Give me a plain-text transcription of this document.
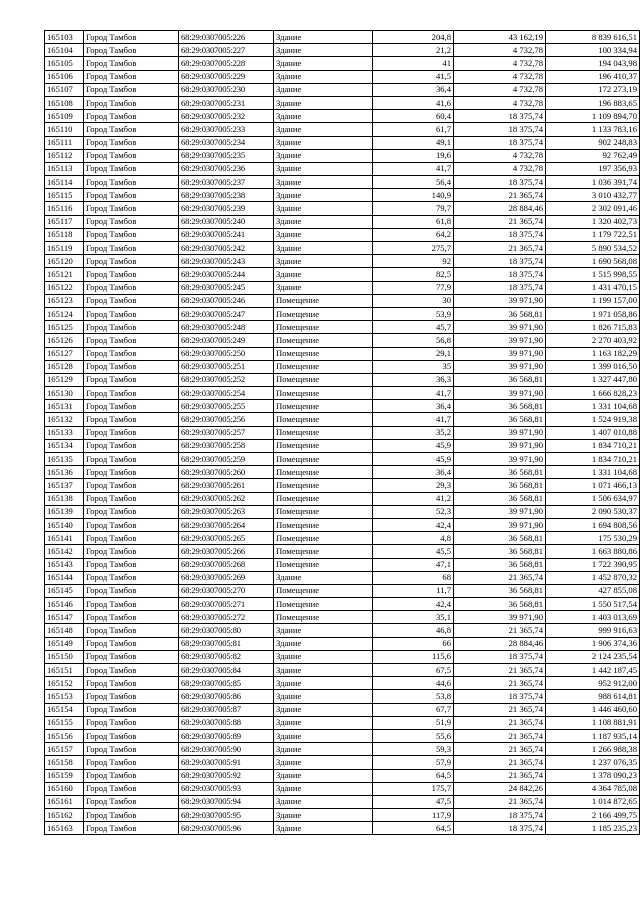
165103	Город Тамбов	68:29:0307005:226	Здание	204,8	43 162,19	8 839 616,51
165104	Город Тамбов	68:29:0307005:227	Здание	21,2	4 732,78	100 334,94
165105	Город Тамбов	68:29:0307005:228	Здание	41	4 732,78	194 043,98
165106	Город Тамбов	68:29:0307005:229	Здание	41,5	4 732,78	196 410,37
165107	Город Тамбов	68:29:0307005:230	Здание	36,4	4 732,78	172 273,19
165108	Город Тамбов	68:29:0307005:231	Здание	41,6	4 732,78	196 883,65
165109	Город Тамбов	68:29:0307005:232	Здание	60,4	18 375,74	1 109 894,70
165110	Город Тамбов	68:29:0307005:233	Здание	61,7	18 375,74	1 133 783,16
165111	Город Тамбов	68:29:0307005:234	Здание	49,1	18 375,74	902 248,83
165112	Город Тамбов	68:29:0307005:235	Здание	19,6	4 732,78	92 762,49
165113	Город Тамбов	68:29:0307005:236	Здание	41,7	4 732,78	197 356,93
165114	Город Тамбов	68:29:0307005:237	Здание	56,4	18 375,74	1 036 391,74
165115	Город Тамбов	68:29:0307005:238	Здание	140,9	21 365,74	3 010 432,77
165116	Город Тамбов	68:29:0307005:239	Здание	79,7	28 884,46	2 302 091,46
165117	Город Тамбов	68:29:0307005:240	Здание	61,8	21 365,74	1 320 402,73
165118	Город Тамбов	68:29:0307005:241	Здание	64,2	18 375,74	1 179 722,51
165119	Город Тамбов	68:29:0307005:242	Здание	275,7	21 365,74	5 890 534,52
165120	Город Тамбов	68:29:0307005:243	Здание	92	18 375,74	1 690 568,08
165121	Город Тамбов	68:29:0307005:244	Здание	82,5	18 375,74	1 515 998,55
165122	Город Тамбов	68:29:0307005:245	Здание	77,9	18 375,74	1 431 470,15
165123	Город Тамбов	68:29:0307005:246	Помещение	30	39 971,90	1 199 157,00
165124	Город Тамбов	68:29:0307005:247	Помещение	53,9	36 568,81	1 971 058,86
165125	Город Тамбов	68:29:0307005:248	Помещение	45,7	39 971,90	1 826 715,83
165126	Город Тамбов	68:29:0307005:249	Помещение	56,8	39 971,90	2 270 403,92
165127	Город Тамбов	68:29:0307005:250	Помещение	29,1	39 971,90	1 163 182,29
165128	Город Тамбов	68:29:0307005:251	Помещение	35	39 971,90	1 399 016,50
165129	Город Тамбов	68:29:0307005:252	Помещение	36,3	36 568,81	1 327 447,80
165130	Город Тамбов	68:29:0307005:254	Помещение	41,7	39 971,90	1 666 828,23
165131	Город Тамбов	68:29:0307005:255	Помещение	36,4	36 568,81	1 331 104,68
165132	Город Тамбов	68:29:0307005:256	Помещение	41,7	36 568,81	1 524 919,38
165133	Город Тамбов	68:29:0307005:257	Помещение	35,2	39 971,90	1 407 010,88
165134	Город Тамбов	68:29:0307005:258	Помещение	45,9	39 971,90	1 834 710,21
165135	Город Тамбов	68:29:0307005:259	Помещение	45,9	39 971,90	1 834 710,21
165136	Город Тамбов	68:29:0307005:260	Помещение	36,4	36 568,81	1 331 104,68
165137	Город Тамбов	68:29:0307005:261	Помещение	29,3	36 568,81	1 071 466,13
165138	Город Тамбов	68:29:0307005:262	Помещение	41,2	36 568,81	1 506 634,97
165139	Город Тамбов	68:29:0307005:263	Помещение	52,3	39 971,90	2 090 530,37
165140	Город Тамбов	68:29:0307005:264	Помещение	42,4	39 971,90	1 694 808,56
165141	Город Тамбов	68:29:0307005:265	Помещение	4,8	36 568,81	175 530,29
165142	Город Тамбов	68:29:0307005:266	Помещение	45,5	36 568,81	1 663 880,86
165143	Город Тамбов	68:29:0307005:268	Помещение	47,1	36 568,81	1 722 390,95
165144	Город Тамбов	68:29:0307005:269	Здание	68	21 365,74	1 452 870,32
165145	Город Тамбов	68:29:0307005:270	Помещение	11,7	36 568,81	427 855,08
165146	Город Тамбов	68:29:0307005:271	Помещение	42,4	36 568,81	1 550 517,54
165147	Город Тамбов	68:29:0307005:272	Помещение	35,1	39 971,90	1 403 013,69
165148	Город Тамбов	68:29:0307005:80	Здание	46,8	21 365,74	999 916,63
165149	Город Тамбов	68:29:0307005:81	Здание	66	28 884,46	1 906 374,36
165150	Город Тамбов	68:29:0307005:82	Здание	115,6	18 375,74	2 124 235,54
165151	Город Тамбов	68:29:0307005:84	Здание	67,5	21 365,74	1 442 187,45
165152	Город Тамбов	68:29:0307005:85	Здание	44,6	21 365,74	952 912,00
165153	Город Тамбов	68:29:0307005:86	Здание	53,8	18 375,74	988 614,81
165154	Город Тамбов	68:29:0307005:87	Здание	67,7	21 365,74	1 446 460,60
165155	Город Тамбов	68:29:0307005:88	Здание	51,9	21 365,74	1 108 881,91
165156	Город Тамбов	68:29:0307005:89	Здание	55,6	21 365,74	1 187 935,14
165157	Город Тамбов	68:29:0307005:90	Здание	59,3	21 365,74	1 266 988,38
165158	Город Тамбов	68:29:0307005:91	Здание	57,9	21 365,74	1 237 076,35
165159	Город Тамбов	68:29:0307005:92	Здание	64,5	21 365,74	1 378 090,23
165160	Город Тамбов	68:29:0307005:93	Здание	175,7	24 842,26	4 364 785,08
165161	Город Тамбов	68:29:0307005:94	Здание	47,5	21 365,74	1 014 872,65
165162	Город Тамбов	68:29:0307005:95	Здание	117,9	18 375,74	2 166 499,75
165163	Город Тамбов	68:29:0307005:96	Здание	64,5	18 375,74	1 185 235,23
